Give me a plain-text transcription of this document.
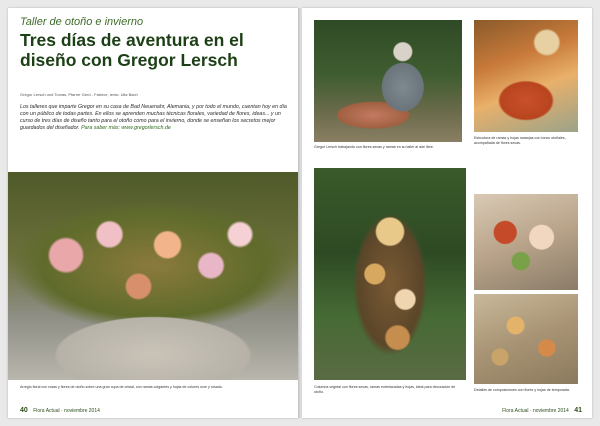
Taller de otoño e invierno
Tres días de aventura en el diseño con Gregor Lersch
Gregor Lersch und Tomas, Pfarrer Gerd - Fabrice, texto: Ulla Bach
Los talleres que imparte Gregor en su casa de Bad Neuenahr, Alemania, y por todo el mundo, cuentan hoy en día con un público de todas partes. En ellos se aprenden muchas técnicas florales, variedad de flores, ideas... y un curso de tres días de diseño tanto para el otoño como para el invierno, donde se enseñan los secretos mejor guardados del diseñador. Para saber más: www.gregorlersch.de
Arreglo floral con rosas y flores de otoño sobre una gran copa de cristal, con ramas colgantes y hojas de colores ocre y rosado.
40 Flora Actual · noviembre 2014
Gregor Lersch trabajando con flores secas y ramas en su taller al aire libre.
Estructura de ramas y hojas naranjas con tonos otoñales, acompañada de flores secas.
Columna vegetal con flores secas, ramas entrelazadas y hojas, ideal para decoración de otoño.	Detalles de composiciones con flores y hojas de temporada.
Flora Actual · noviembre 2014 41
